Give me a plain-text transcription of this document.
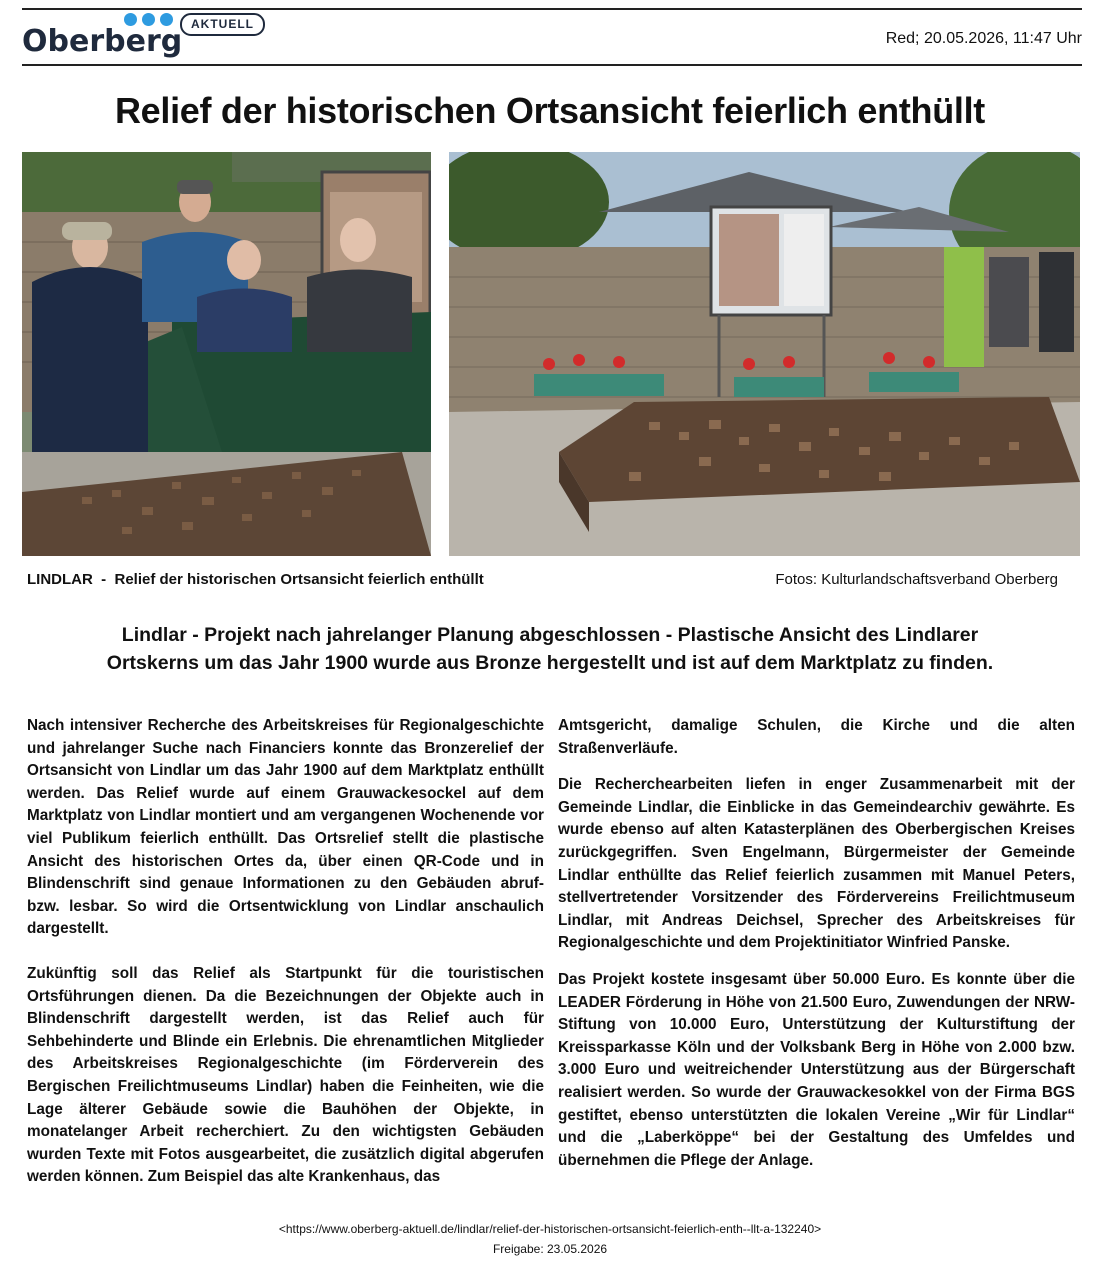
AKTUELL
Oberberg	Red; 20.05.2026, 11:47 Uhr
Relief der historischen Ortsansicht feierlich enthüllt
LINDLAR  -  Relief der historischen Ortsansicht feierlich enthüllt	Fotos: Kulturlandschaftsverband Oberberg
Lindlar - Projekt nach jahrelanger Planung abgeschlossen - Plastische Ansicht des Lindlarer
Ortskerns um das Jahr 1900 wurde aus Bronze hergestellt und ist auf dem Marktplatz zu finden.

Nach intensiver Recherche des Arbeitskreises für Regionalgeschichte und jahrelanger Suche nach Financiers konnte das Bronzerelief der Ortsansicht von Lindlar um das Jahr 1900 auf dem Marktplatz enthüllt werden. Das Relief wurde auf einem Grauwackesockel auf dem Marktplatz von Lindlar montiert und am vergangenen Wochenende vor viel Publikum feierlich enthüllt. Das Ortsrelief stellt die plastische Ansicht des historischen Ortes da, über einen QR-Code und in Blindenschrift sind genaue Informationen zu den Gebäuden abruf- bzw. lesbar. So wird die Ortsentwicklung von Lindlar anschaulich dargestellt.

Zukünftig soll das Relief als Startpunkt für die touristischen Ortsführungen dienen. Da die Bezeichnungen der Objekte auch in Blindenschrift dargestellt werden, ist das Relief auch für Sehbehinderte und Blinde ein Erlebnis. Die ehrenamtlichen Mitglieder des Arbeitskreises Regionalgeschichte (im Förderverein des Bergischen Freilichtmuseums Lindlar) haben die Feinheiten, wie die Lage älterer Gebäude sowie die Bauhöhen der Objekte, in monatelanger Arbeit recherchiert. Zu den wichtigsten Gebäuden wurden Texte mit Fotos ausgearbeitet, die zusätzlich digital abgerufen werden können. Zum Beispiel das alte Krankenhaus, das

Amtsgericht, damalige Schulen, die Kirche und die alten Straßenverläufe.

Die Recherchearbeiten liefen in enger Zusammenarbeit mit der Gemeinde Lindlar, die Einblicke in das Gemeindearchiv gewährte. Es wurde ebenso auf alten Katasterplänen des Oberbergischen Kreises zurückgegriffen. Sven Engelmann, Bürgermeister der Gemeinde Lindlar enthüllte das Relief feierlich zusammen mit Manuel Peters, stellvertretender Vorsitzender des Fördervereins Freilichtmuseum Lindlar, mit Andreas Deichsel, Sprecher des Arbeitskreises für Regionalgeschichte und dem Projektinitiator Winfried Panske.

Das Projekt kostete insgesamt über 50.000 Euro. Es konnte über die LEADER Förderung in Höhe von 21.500 Euro, Zuwendungen der NRW-Stiftung von 10.000 Euro, Unterstützung der Kulturstiftung der Kreissparkasse Köln und der Volksbank Berg in Höhe von 2.000 bzw. 3.000 Euro und weitreichender Unterstützung aus der Bürgerschaft realisiert werden. So wurde der Grauwackesokkel von der Firma BGS gestiftet, ebenso unterstützten die lokalen Vereine „Wir für Lindlar“ und die „Laberköppe“ bei der Gestaltung des Umfeldes und übernehmen die Pflege der Anlage.

<https://www.oberberg-aktuell.de/lindlar/relief-der-historischen-ortsansicht-feierlich-enth--llt-a-132240>
Freigabe: 23.05.2026
